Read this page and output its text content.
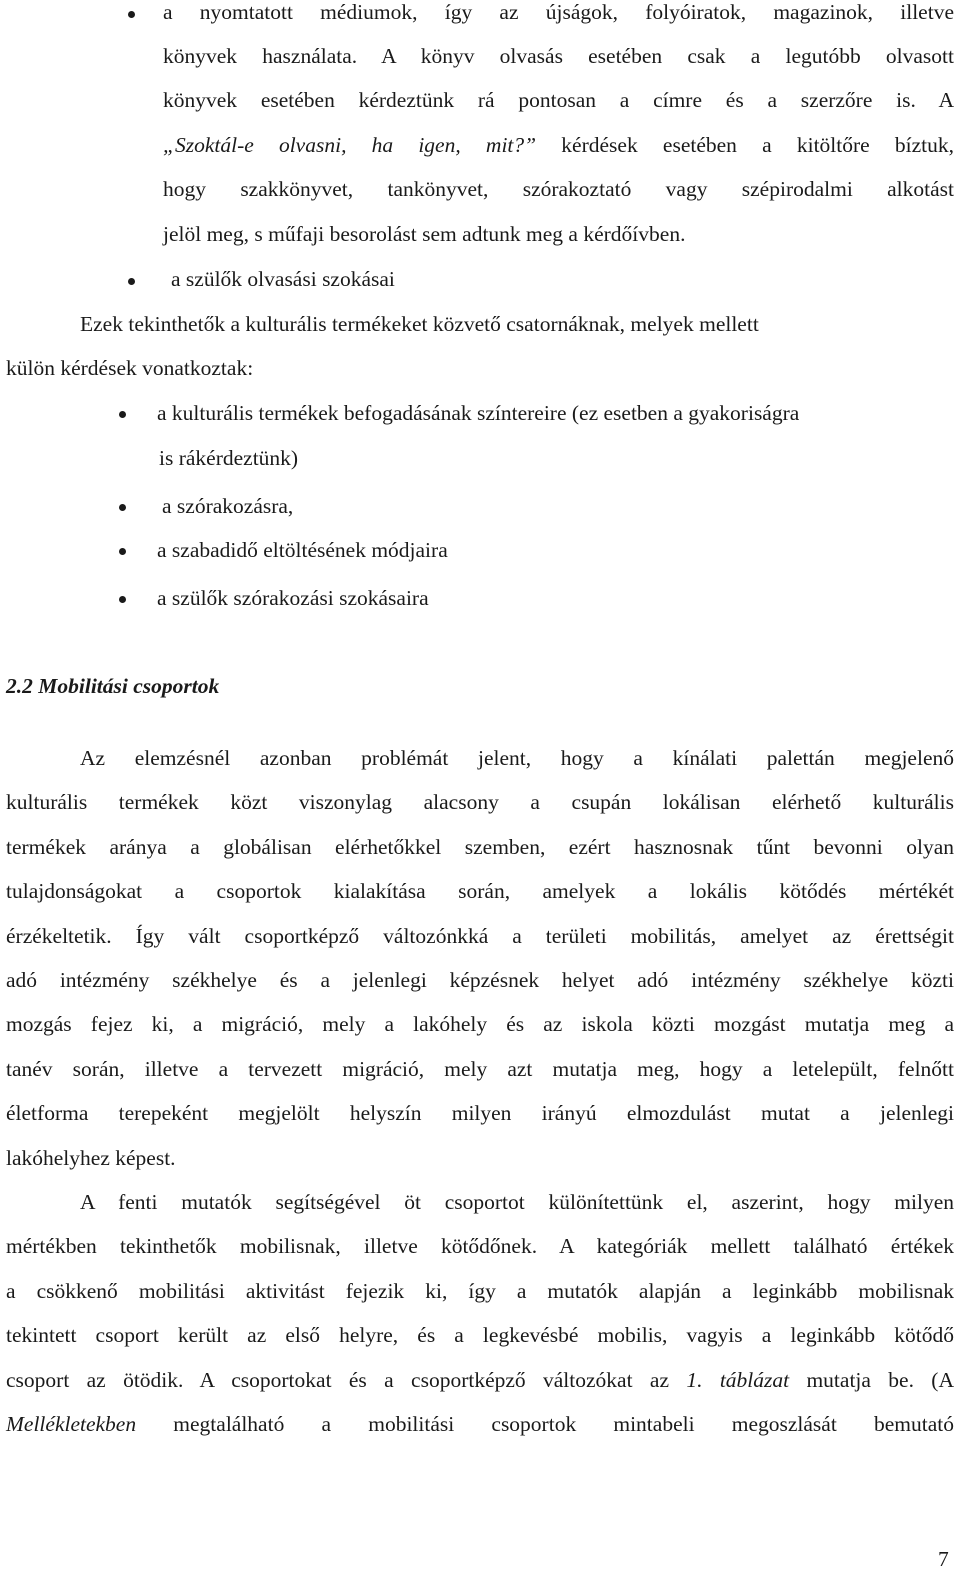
a nyomtatott médiumok, így az újságok, folyóiratok, magazinok, illetve
könyvek használata. A könyv olvasás esetében csak a legutóbb olvasott
könyvek esetében kérdeztünk rá pontosan a címre és a szerzőre is. A
„Szoktál-e olvasni, ha igen, mit?” kérdések esetében a kitöltőre bíztuk,
hogy szakkönyvet, tankönyvet, szórakoztató vagy szépirodalmi alkotást
jelöl meg, s műfaji besorolást sem adtunk meg a kérdőívben.
a szülők olvasási szokásai
Ezek tekinthetők a kulturális termékeket közvető csatornáknak, melyek mellett
külön kérdések vonatkoztak:
a kulturális termékek befogadásának színtereire (ez esetben a gyakoriságra
is rákérdeztünk)
a szórakozásra,
a szabadidő eltöltésének módjaira
a szülők szórakozási szokásaira
2.2 Mobilitási csoportok
Az elemzésnél azonban problémát jelent, hogy a kínálati palettán megjelenő
kulturális termékek közt viszonylag alacsony a csupán lokálisan elérhető kulturális
termékek aránya a globálisan elérhetőkkel szemben, ezért hasznosnak tűnt bevonni olyan
tulajdonságokat a csoportok kialakítása során, amelyek a lokális kötődés mértékét
érzékeltetik. Így vált csoportképző változónkká a területi mobilitás, amelyet az érettségit
adó intézmény székhelye és a jelenlegi képzésnek helyet adó intézmény székhelye közti
mozgás fejez ki, a migráció, mely a lakóhely és az iskola közti mozgást mutatja meg a
tanév során, illetve a tervezett migráció, mely azt mutatja meg, hogy a letelepült, felnőtt
életforma terepeként megjelölt helyszín milyen irányú elmozdulást mutat a jelenlegi
lakóhelyhez képest.
A fenti mutatók segítségével öt csoportot különítettünk el, aszerint, hogy milyen
mértékben tekinthetők mobilisnak, illetve kötődőnek. A kategóriák mellett található értékek
a csökkenő mobilitási aktivitást fejezik ki, így a mutatók alapján a leginkább mobilisnak
tekintett csoport került az első helyre, és a legkevésbé mobilis, vagyis a leginkább kötődő
csoport az ötödik. A csoportokat és a csoportképző változókat az 1. táblázat mutatja be. (A
Mellékletekben megtalálható a mobilitási csoportok mintabeli megoszlását bemutató
7
